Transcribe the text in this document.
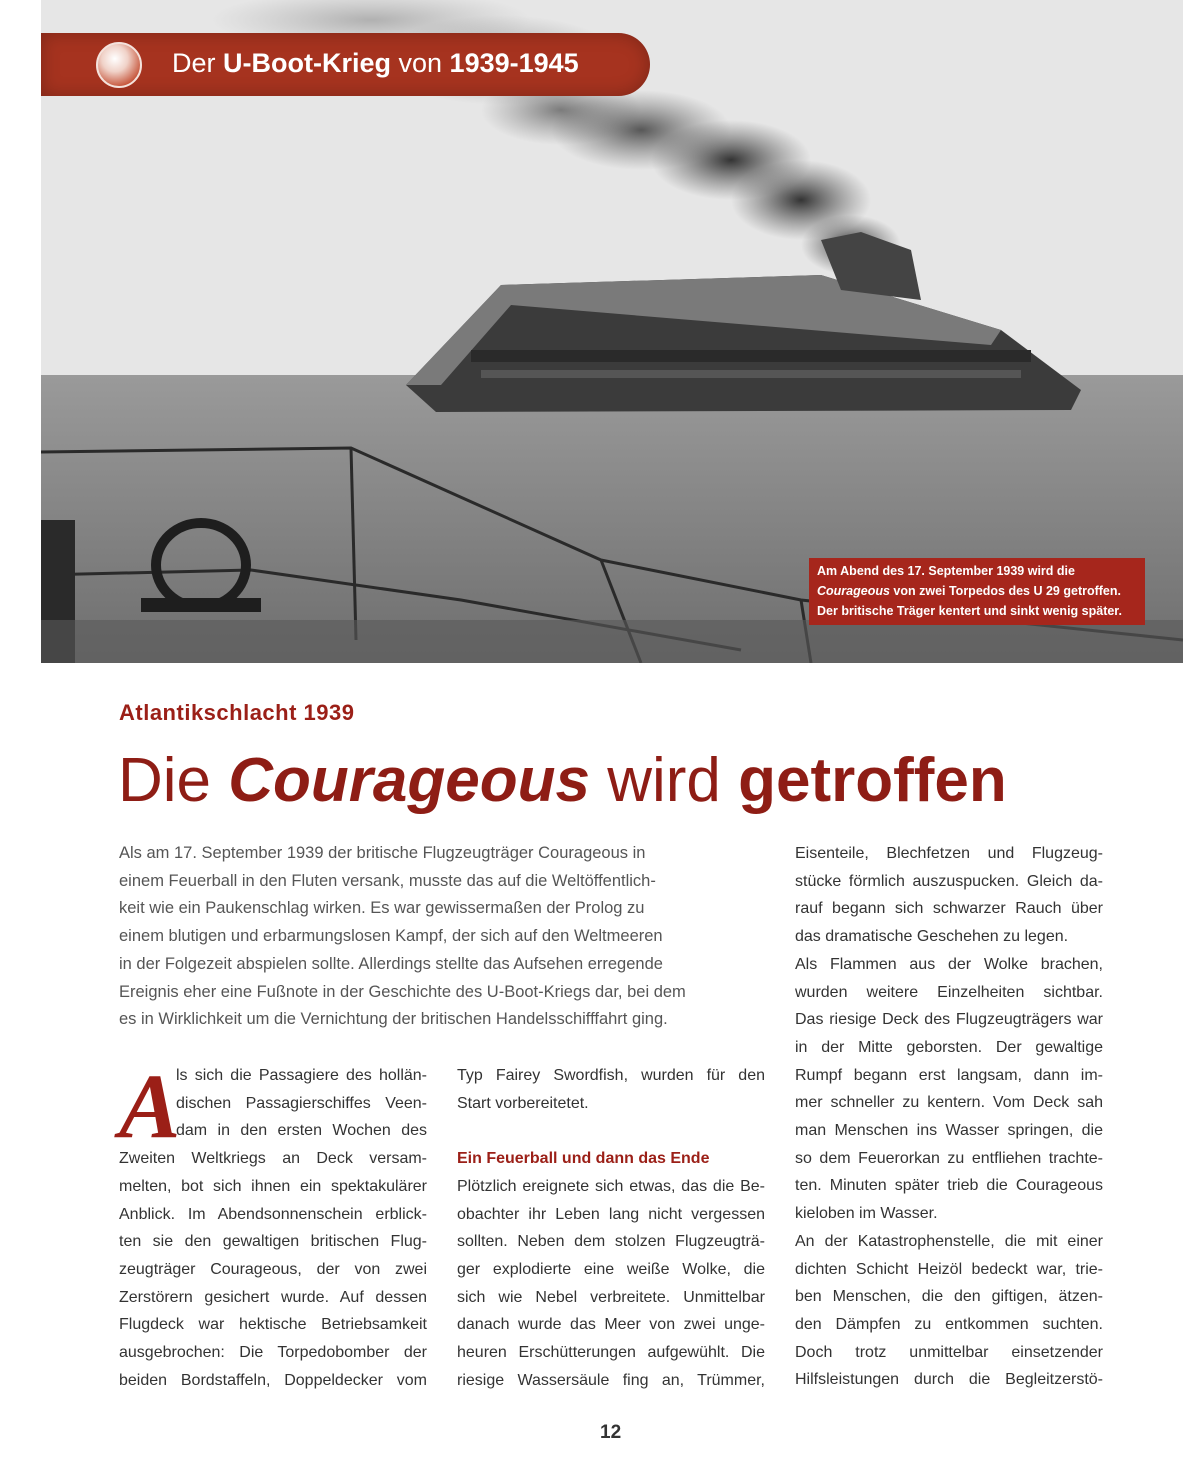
Der U-Boot-Krieg von 1939-1945
Am Abend des 17. September 1939 wird die
Courageous von zwei Torpedos des U 29 getroffen.
Der britische Träger kentert und sinkt wenig später.
Atlantikschlacht 1939
Die Courageous wird getroffen
Als am 17. September 1939 der britische Flugzeugträger Courageous in
einem Feuerball in den Fluten versank, musste das auf die Weltöffentlich-
keit wie ein Paukenschlag wirken. Es war gewissermaßen der Prolog zu
einem blutigen und erbarmungslosen Kampf, der sich auf den Weltmeeren
in der Folgezeit abspielen sollte. Allerdings stellte das Aufsehen erregende
Ereignis eher eine Fußnote in der Geschichte des U-Boot-Kriegs dar, bei dem
es in Wirklichkeit um die Vernichtung der britischen Handelsschifffahrt ging.
A
ls sich die Passagiere des hollän-
dischen Passagierschiffes Veen-
dam in den ersten Wochen des
Zweiten Weltkriegs an Deck versam-
melten, bot sich ihnen ein spektakulärer
Anblick. Im Abendsonnenschein erblick-
ten sie den gewaltigen britischen Flug-
zeugträger Courageous, der von zwei
Zerstörern gesichert wurde. Auf dessen
Flugdeck war hektische Betriebsamkeit
ausgebrochen: Die Torpedobomber der
beiden Bordstaffeln, Doppeldecker vom
Typ Fairey Swordfish, wurden für den
Start vorbereitetet.
Ein Feuerball und dann das Ende
Plötzlich ereignete sich etwas, das die Be-
obachter ihr Leben lang nicht vergessen
sollten. Neben dem stolzen Flugzeugträ-
ger explodierte eine weiße Wolke, die
sich wie Nebel verbreitete. Unmittelbar
danach wurde das Meer von zwei unge-
heuren Erschütterungen aufgewühlt. Die
riesige Wassersäule fing an, Trümmer,
Eisenteile, Blechfetzen und Flugzeug-
stücke förmlich auszuspucken. Gleich da-
rauf begann sich schwarzer Rauch über
das dramatische Geschehen zu legen.
Als Flammen aus der Wolke brachen,
wurden weitere Einzelheiten sichtbar.
Das riesige Deck des Flugzeugträgers war
in der Mitte geborsten. Der gewaltige
Rumpf begann erst langsam, dann im-
mer schneller zu kentern. Vom Deck sah
man Menschen ins Wasser springen, die
so dem Feuerorkan zu entfliehen trachte-
ten. Minuten später trieb die Courageous
kieloben im Wasser.
An der Katastrophenstelle, die mit einer
dichten Schicht Heizöl bedeckt war, trie-
ben Menschen, die den giftigen, ätzen-
den Dämpfen zu entkommen suchten.
Doch trotz unmittelbar einsetzender
Hilfsleistungen durch die Begleitzerstö-
12
